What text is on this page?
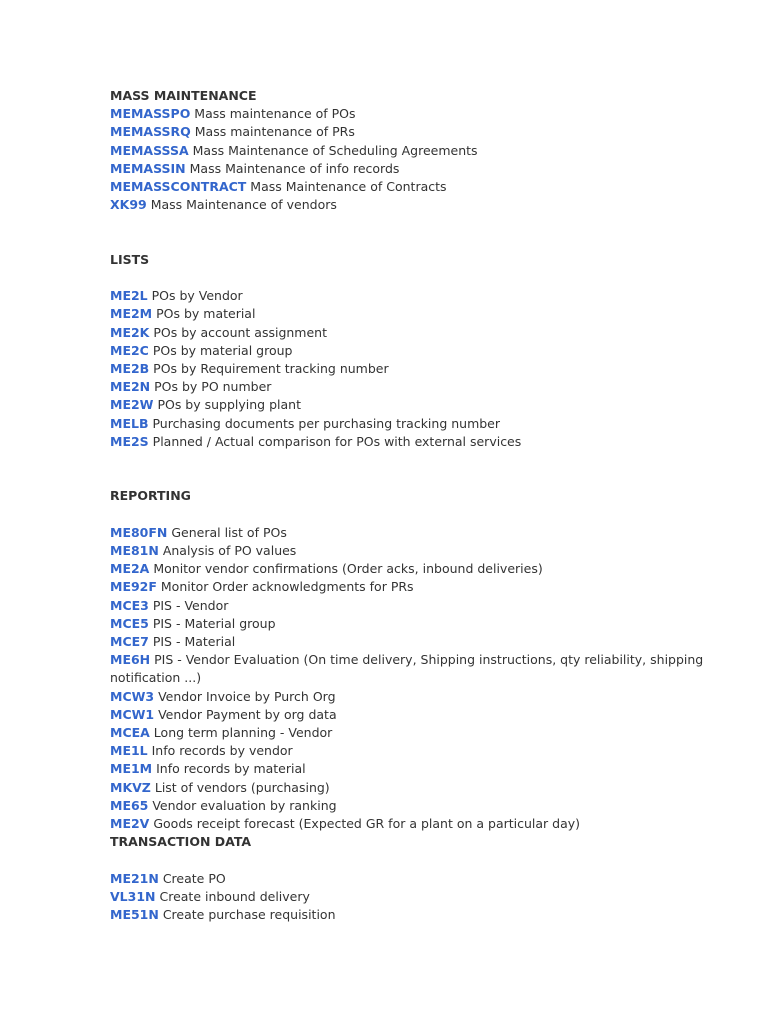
MASS MAINTENANCE
MEMASSPO Mass maintenance of POs
MEMASSRQ Mass maintenance of PRs
MEMASSSA Mass Maintenance of Scheduling Agreements
MEMASSIN Mass Maintenance of info records
MEMASSCONTRACT Mass Maintenance of Contracts
XK99 Mass Maintenance of vendors
LISTS
ME2L POs by Vendor
ME2M POs by material
ME2K POs by account assignment
ME2C POs by material group
ME2B POs by Requirement tracking number
ME2N POs by PO number
ME2W POs by supplying plant
MELB Purchasing documents per purchasing tracking number
ME2S Planned / Actual comparison for POs with external services
REPORTING
ME80FN General list of POs
ME81N Analysis of PO values
ME2A Monitor vendor confirmations (Order acks, inbound deliveries)
ME92F Monitor Order acknowledgments for PRs
MCE3 PIS - Vendor
MCE5 PIS - Material group
MCE7 PIS - Material
ME6H PIS - Vendor Evaluation (On time delivery, Shipping instructions, qty reliability, shipping notification ...)
MCW3 Vendor Invoice by Purch Org
MCW1 Vendor Payment by org data
MCEA Long term planning - Vendor
ME1L Info records by vendor
ME1M Info records by material
MKVZ List of vendors (purchasing)
ME65 Vendor evaluation by ranking
ME2V Goods receipt forecast (Expected GR for a plant on a particular day)
TRANSACTION DATA
ME21N Create PO
VL31N Create inbound delivery
ME51N Create purchase requisition
